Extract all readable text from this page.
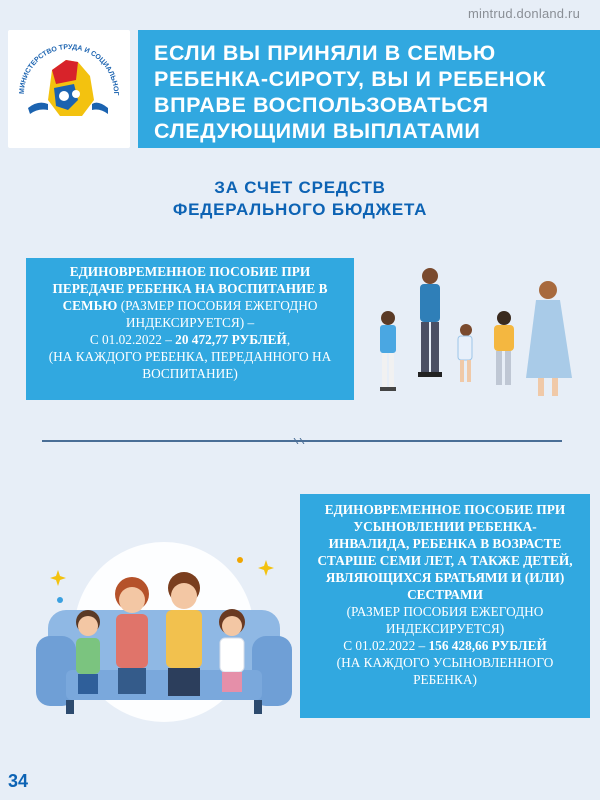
mintrud.donland.ru
МИНИСТЕРСТВО ТРУДА И СОЦИАЛЬНОГ

ЕСЛИ ВЫ ПРИНЯЛИ В СЕМЬЮ
РЕБЕНКА-СИРОТУ, ВЫ И РЕБЕНОК
ВПРАВЕ ВОСПОЛЬЗОВАТЬСЯ
СЛЕДУЮЩИМИ ВЫПЛАТАМИ

ЗА СЧЕТ СРЕДСТВ
ФЕДЕРАЛЬНОГО БЮДЖЕТА
ЕДИНОВРЕМЕННОЕ ПОСОБИЕ ПРИ ПЕРЕДАЧЕ РЕБЕНКА НА ВОСПИТАНИЕ В СЕМЬЮ (РАЗМЕР ПОСОБИЯ ЕЖЕГОДНО ИНДЕКСИРУЕТСЯ) –
С 01.02.2022 – 20 472,77 РУБЛЕЙ,
(НА КАЖДОГО РЕБЕНКА, ПЕРЕДАННОГО НА ВОСПИТАНИЕ)
ЕДИНОВРЕМЕННОЕ ПОСОБИЕ ПРИ УСЫНОВЛЕНИИ РЕБЕНКА-ИНВАЛИДА, РЕБЕНКА В ВОЗРАСТЕ СТАРШЕ СЕМИ ЛЕТ, А ТАКЖЕ ДЕТЕЙ, ЯВЛЯЮЩИХСЯ БРАТЬЯМИ И (ИЛИ) СЕСТРАМИ
(РАЗМЕР ПОСОБИЯ ЕЖЕГОДНО ИНДЕКСИРУЕТСЯ)
С 01.02.2022 – 156 428,66 РУБЛЕЙ
(НА КАЖДОГО УСЫНОВЛЕННОГО РЕБЕНКА)
34
